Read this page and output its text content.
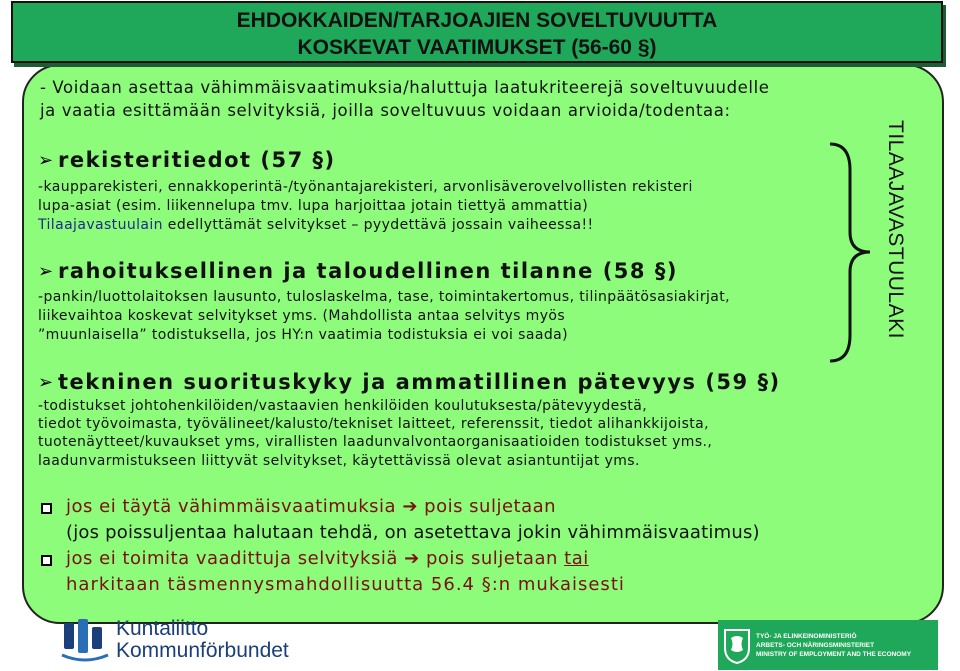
EHDOKKAIDEN/TARJOAJIEN SOVELTUVUUTTA
KOSKEVAT VAATIMUKSET (56-60 §)
- Voidaan asettaa vähimmäisvaatimuksia/haluttuja laatukriteerejä soveltuvuudelle
ja vaatia esittämään selvityksiä, joilla soveltuvuus voidaan arvioida/todentaa:
➢ rekisteritiedot (57 §)
-kaupparekisteri, ennakkoperintä-/työnantajarekisteri, arvonlisäverovelvollisten rekisteri
lupa-asiat (esim. liikennelupa tmv. lupa harjoittaa jotain tiettyä ammattia)
Tilaajavastuulain edellyttämät selvitykset – pyydettävä jossain vaiheessa!!
➢ rahoituksellinen ja taloudellinen tilanne (58 §)
-pankin/luottolaitoksen lausunto, tuloslaskelma, tase, toimintakertomus, tilinpäätösasiakirjat,
liikevaihtoa koskevat selvitykset yms. (Mahdollista antaa selvitys myös
”muunlaisella” todistuksella, jos HY:n vaatimia todistuksia ei voi saada)
➢ tekninen suorituskyky ja ammatillinen pätevyys (59 §)
-todistukset johtohenkilöiden/vastaavien henkilöiden koulutuksesta/pätevyydestä,
tiedot työvoimasta, työvälineet/kalusto/tekniset laitteet, referenssit, tiedot alihankkijoista,
tuotenäytteet/kuvaukset yms, virallisten laadunvalvontaorganisaatioiden todistukset yms.,
laadunvarmistukseen liittyvät selvitykset, käytettävissä olevat asiantuntijat yms.
jos ei täytä vähimmäisvaatimuksia ➔ pois suljetaan
(jos poissuljentaa halutaan tehdä, on asetettava jokin vähimmäisvaatimus)
jos ei toimita vaadittuja selvityksiä ➔ pois suljetaan tai
harkitaan täsmennysmahdollisuutta 56.4 §:n mukaisesti
TILAAJAVASTUULAKI
Kuntaliitto
Kommunförbundet
TYÖ- JA ELINKEINOMINISTERIÖ
ARBETS- OCH NÄRINGSMINISTERIET
MINISTRY OF EMPLOYMENT AND THE ECONOMY
